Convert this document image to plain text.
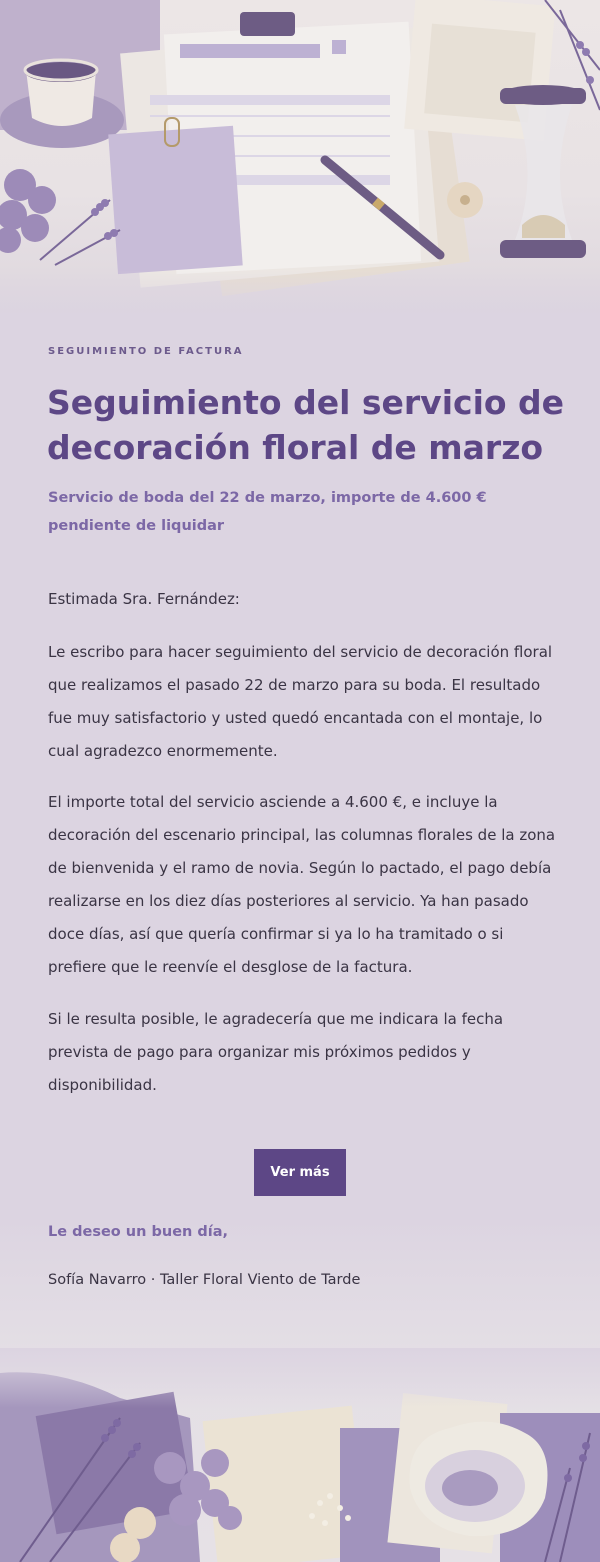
SEGUIMIENTO DE FACTURA
Seguimiento del servicio de decoración floral de marzo
Servicio de boda del 22 de marzo, importe de 4.600 € pendiente de liquidar
Estimada Sra. Fernández:

Le escribo para hacer seguimiento del servicio de decoración floral que realizamos el pasado 22 de marzo para su boda. El resultado fue muy satisfactorio y usted quedó encantada con el montaje, lo cual agradezco enormemente.

El importe total del servicio asciende a 4.600 €, e incluye la decoración del escenario principal, las columnas florales de la zona de bienvenida y el ramo de novia. Según lo pactado, el pago debía realizarse en los diez días posteriores al servicio. Ya han pasado doce días, así que quería confirmar si ya lo ha tramitado o si prefiere que le reenvíe el desglose de la factura.

Si le resulta posible, le agradecería que me indicara la fecha prevista de pago para organizar mis próximos pedidos y disponibilidad.

Ver más
Le deseo un buen día,
Sofía Navarro · Taller Floral Viento de Tarde
